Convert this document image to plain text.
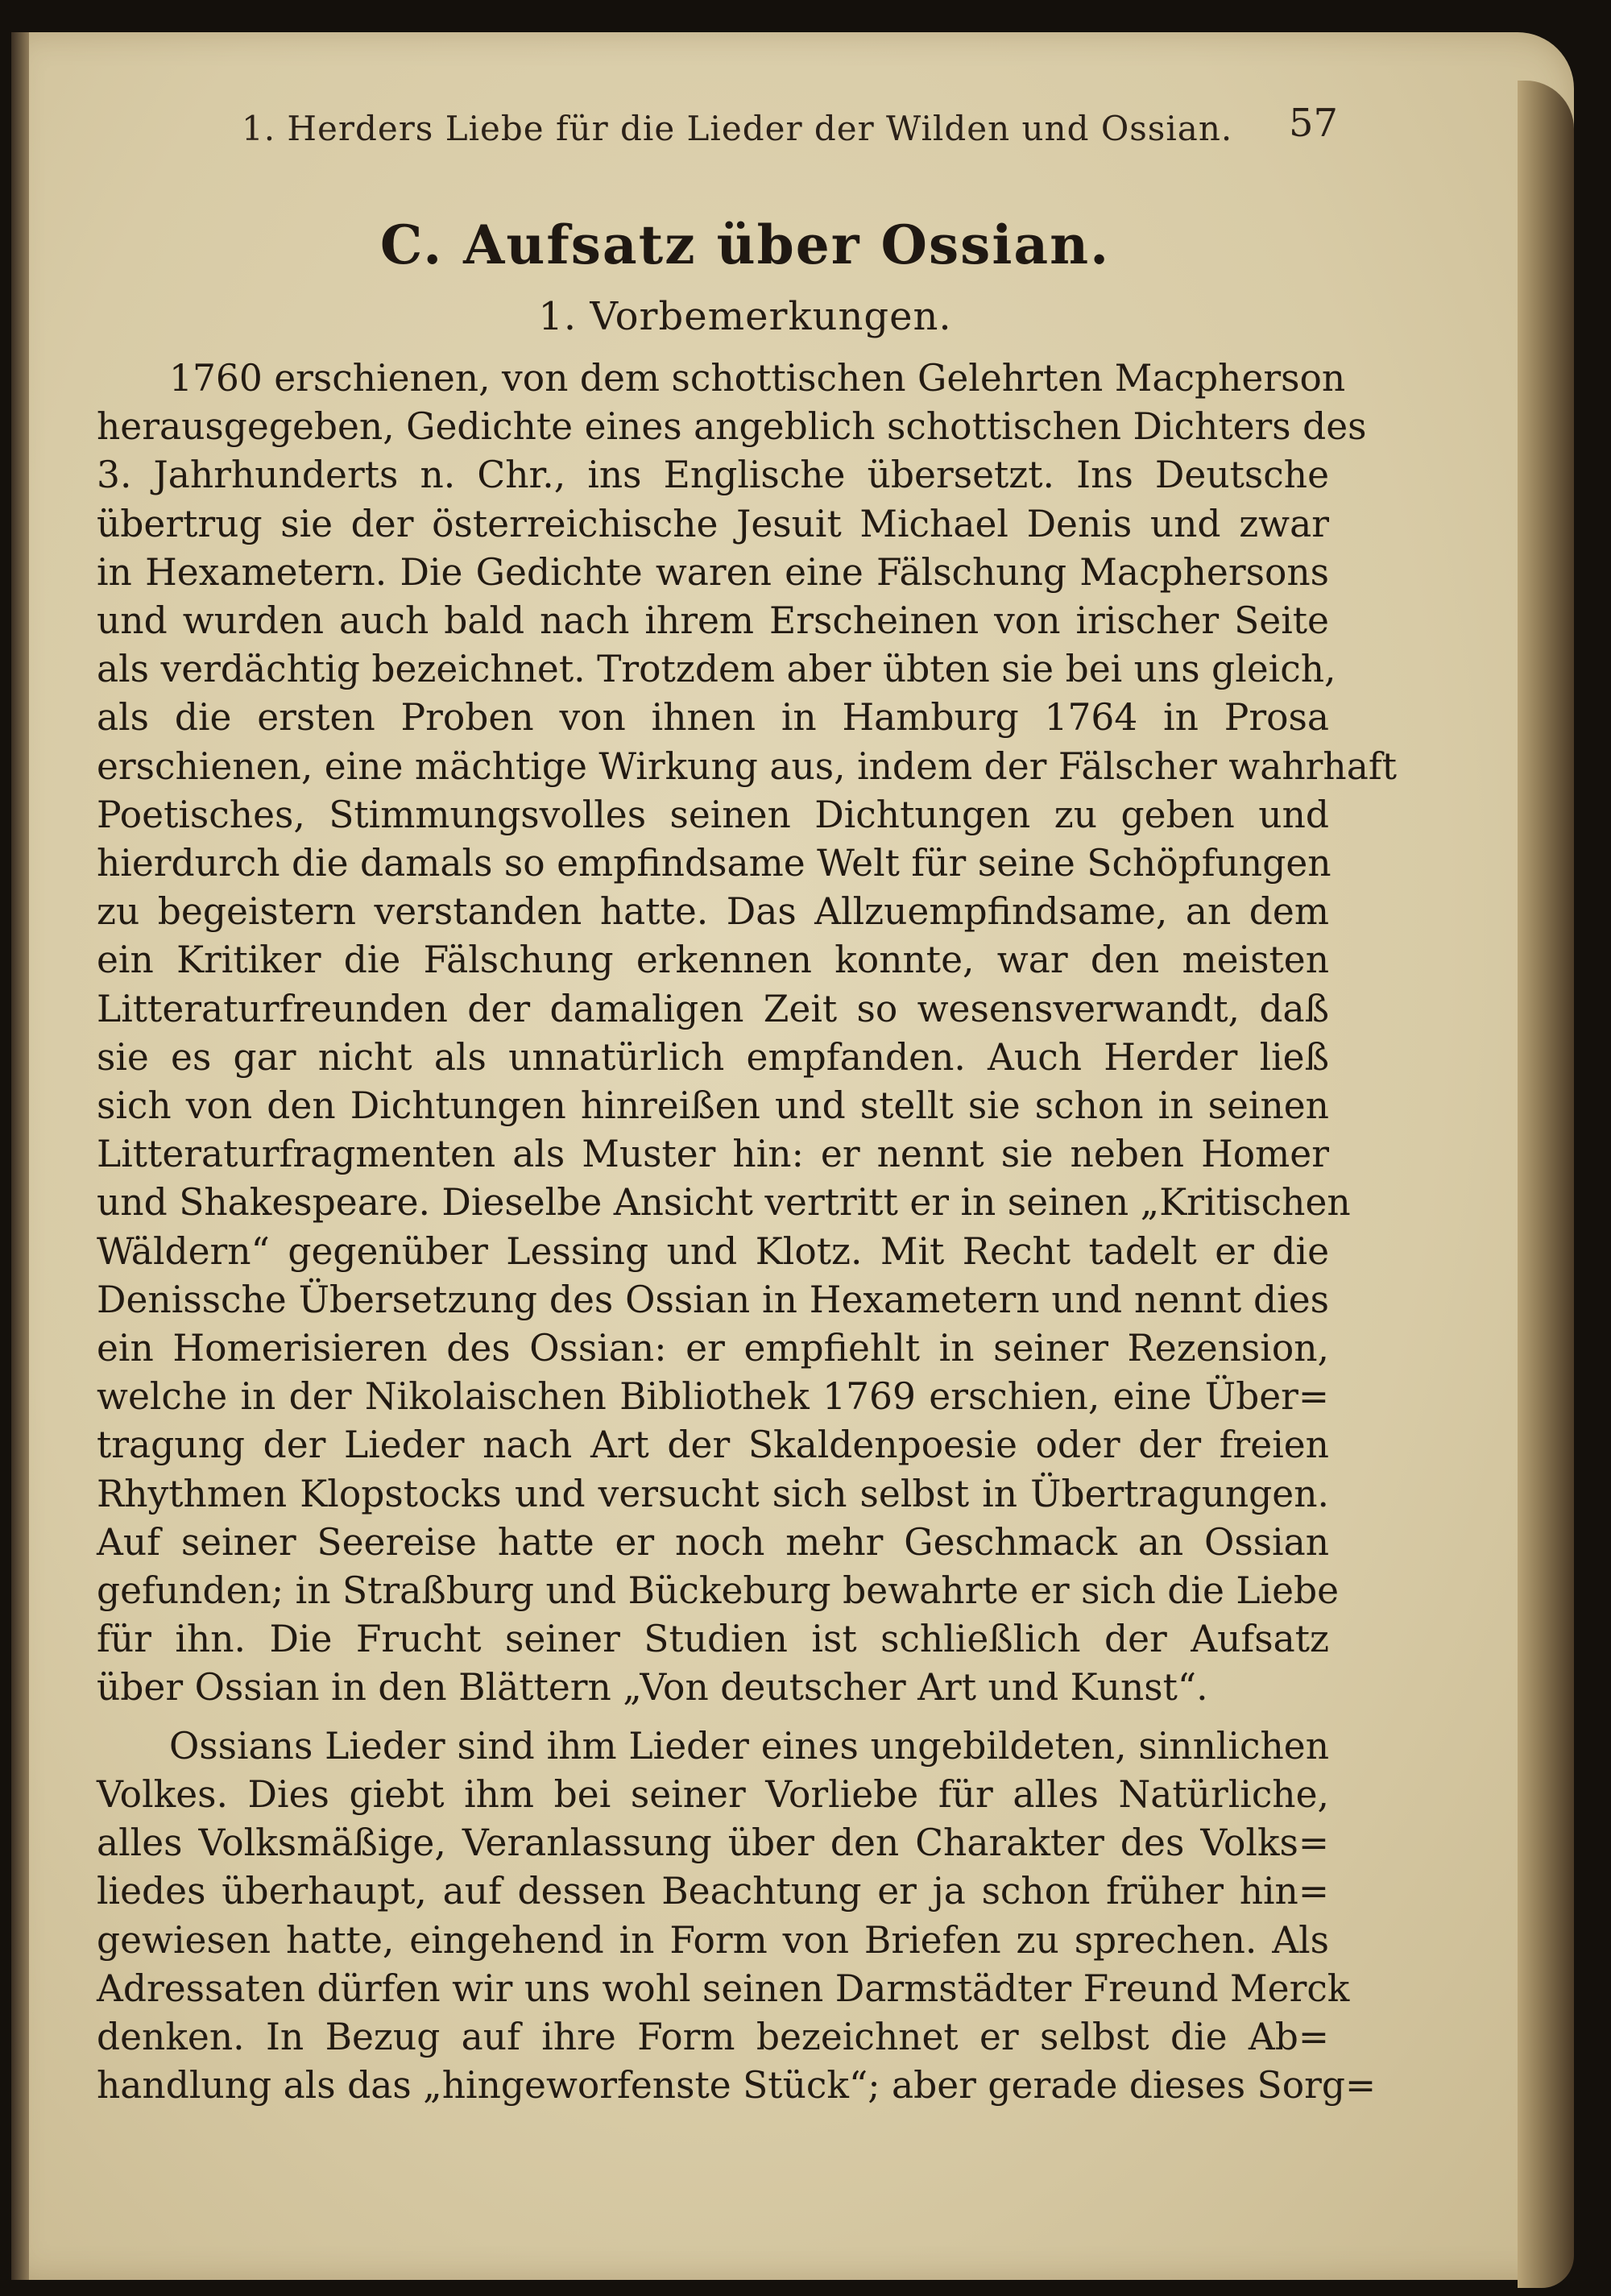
1. Herders Liebe für die Lieder der Wilden und Ossian.	57
C. Aufsatz über Ossian.
1. Vorbemerkungen.
1760 erschienen, von dem schottischen Gelehrten Macpherson
herausgegeben, Gedichte eines angeblich schottischen Dichters des
3. Jahrhunderts n. Chr., ins Englische übersetzt. Ins Deutsche
übertrug sie der österreichische Jesuit Michael Denis und zwar
in Hexametern. Die Gedichte waren eine Fälschung Macphersons
und wurden auch bald nach ihrem Erscheinen von irischer Seite
als verdächtig bezeichnet. Trotzdem aber übten sie bei uns gleich,
als die ersten Proben von ihnen in Hamburg 1764 in Prosa
erschienen, eine mächtige Wirkung aus, indem der Fälscher wahrhaft
Poetisches, Stimmungsvolles seinen Dichtungen zu geben und
hierdurch die damals so empfindsame Welt für seine Schöpfungen
zu begeistern verstanden hatte. Das Allzuempfindsame, an dem
ein Kritiker die Fälschung erkennen konnte, war den meisten
Litteraturfreunden der damaligen Zeit so wesensverwandt, daß
sie es gar nicht als unnatürlich empfanden. Auch Herder ließ
sich von den Dichtungen hinreißen und stellt sie schon in seinen
Litteraturfragmenten als Muster hin: er nennt sie neben Homer
und Shakespeare. Dieselbe Ansicht vertritt er in seinen „Kritischen
Wäldern“ gegenüber Lessing und Klotz. Mit Recht tadelt er die
Denissche Übersetzung des Ossian in Hexametern und nennt dies
ein Homerisieren des Ossian: er empfiehlt in seiner Rezension,
welche in der Nikolaischen Bibliothek 1769 erschien, eine Über=
tragung der Lieder nach Art der Skaldenpoesie oder der freien
Rhythmen Klopstocks und versucht sich selbst in Übertragungen.
Auf seiner Seereise hatte er noch mehr Geschmack an Ossian
gefunden; in Straßburg und Bückeburg bewahrte er sich die Liebe
für ihn. Die Frucht seiner Studien ist schließlich der Aufsatz
über Ossian in den Blättern „Von deutscher Art und Kunst“.
Ossians Lieder sind ihm Lieder eines ungebildeten, sinnlichen
Volkes. Dies giebt ihm bei seiner Vorliebe für alles Natürliche,
alles Volksmäßige, Veranlassung über den Charakter des Volks=
liedes überhaupt, auf dessen Beachtung er ja schon früher hin=
gewiesen hatte, eingehend in Form von Briefen zu sprechen. Als
Adressaten dürfen wir uns wohl seinen Darmstädter Freund Merck
denken. In Bezug auf ihre Form bezeichnet er selbst die Ab=
handlung als das „hingeworfenste Stück“; aber gerade dieses Sorg=
